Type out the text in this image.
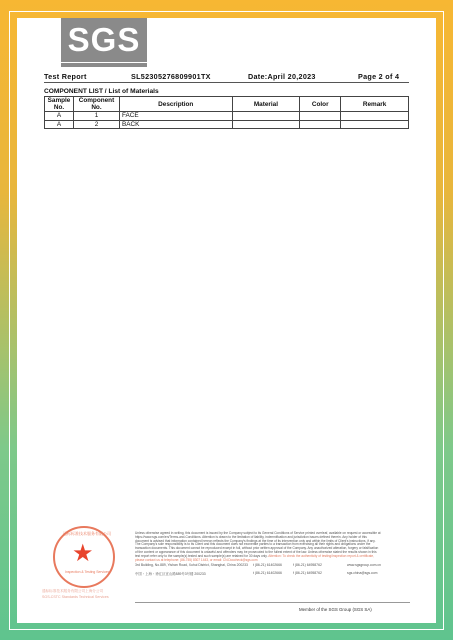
SGS
Test Report	SL52305276809901TX	Date:April 20,2023	Page 2 of 4
COMPONENT LIST / List of Materials
Sample No.	Component No.	Description	Material	Color	Remark
A	1	FACE			
A	2	BACK			
通标标准技术服务有限公司
★
Inspection & Testing Services
通标标准技术服务有限公司上海分公司
SGS-CSTC Standards Technical Services
Unless otherwise agreed in writing, this document is issued by the Company subject to its General Conditions of Service printed overleaf, available on request or accessible at https://www.sgs.com/en/Terms-and-Conditions. Attention is drawn to the limitation of liability, indemnification and jurisdiction issues defined therein. Any holder of this document is advised that information contained hereon reflects the Company's findings at the time of its intervention only and within the limits of Client's instructions, if any. The Company's sole responsibility is to its Client and this document does not exonerate parties to a transaction from exercising all their rights and obligations under the transaction documents. This document cannot be reproduced except in full, without prior written approval of the Company. Any unauthorized alteration, forgery or falsification of the content or appearance of this document is unlawful and offenders may be prosecuted to the fullest extent of the law. Unless otherwise stated the results shown in this test report refer only to the sample(s) tested and such sample(s) are retained for 30 days only. Attention: To check the authenticity of testing/inspection report & certificate, please contact us at telephone: (86-755) 8307 1443, or email: CN.Doccheck@sgs.com
3rd Building, No.889, Yishan Road, Xuhui District, Shanghai, China 200233 t (86-21) 61402666	f (86-21) 64958762	www.sgsgroup.com.cn
中国・上海・徐汇区宜山路889号3号楼 200233	t (86-21) 61402666	f (86-21) 64958762	sgs.china@sgs.com
Member of the SGS Group (SGS SA)
